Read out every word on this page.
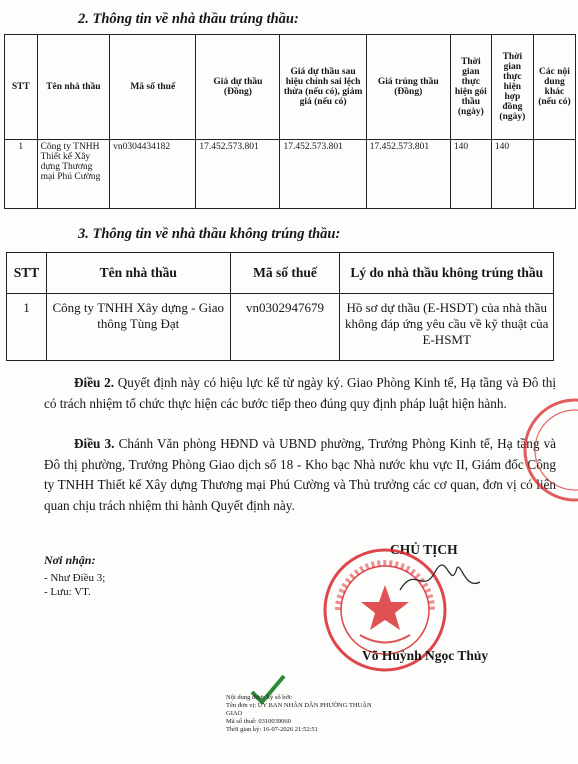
2. Thông tin về nhà thầu trúng thầu:
STT	Tên nhà thầu	Mã số thuế	Giá dự thầu (Đồng)	Giá dự thầu sau hiệu chỉnh sai lệch thừa (nếu có), giảm giá (nếu có)	Giá trúng thầu (Đồng)	Thời gian thực hiện gói thầu (ngày)	Thời gian thực hiện hợp đồng (ngày)	Các nội dung khác (nếu có)
1	Công ty TNHH Thiết kế Xây dựng Thương mại Phú Cường	vn0304434182	17.452.573.801	17.452.573.801	17.452.573.801	140	140	
3. Thông tin về nhà thầu không trúng thầu:
STT	Tên nhà thầu	Mã số thuế	Lý do nhà thầu không trúng thầu
1	Công ty TNHH Xây dựng - Giao thông Tùng Đạt	vn0302947679	Hồ sơ dự thầu (E-HSDT) của nhà thầu không đáp ứng yêu cầu về kỹ thuật của E-HSMT
Điều 2. Quyết định này có hiệu lực kể từ ngày ký. Giao Phòng Kinh tế, Hạ tầng và Đô thị có trách nhiệm tổ chức thực hiện các bước tiếp theo đúng quy định pháp luật hiện hành.
Điều 3. Chánh Văn phòng HĐND và UBND phường, Trưởng Phòng Kinh tế, Hạ tầng và Đô thị phường, Trưởng Phòng Giao dịch số 18 - Kho bạc Nhà nước khu vực II, Giám đốc Công ty TNHH Thiết kế Xây dựng Thương mại Phú Cường và Thủ trưởng các cơ quan, đơn vị có liên quan chịu trách nhiệm thi hành Quyết định này.
Nơi nhận:
- Như Điều 3;
- Lưu: VT.
CHỦ TỊCH
Võ Huỳnh Ngọc Thủy
Nội dung được ký số bởi:
Tên đơn vị: ỦY BAN NHÂN DÂN PHƯỜNG THUẬN GIAO
Mã số thuế: 0310039060
Thời gian ký: 16-07-2026 21:52:51
